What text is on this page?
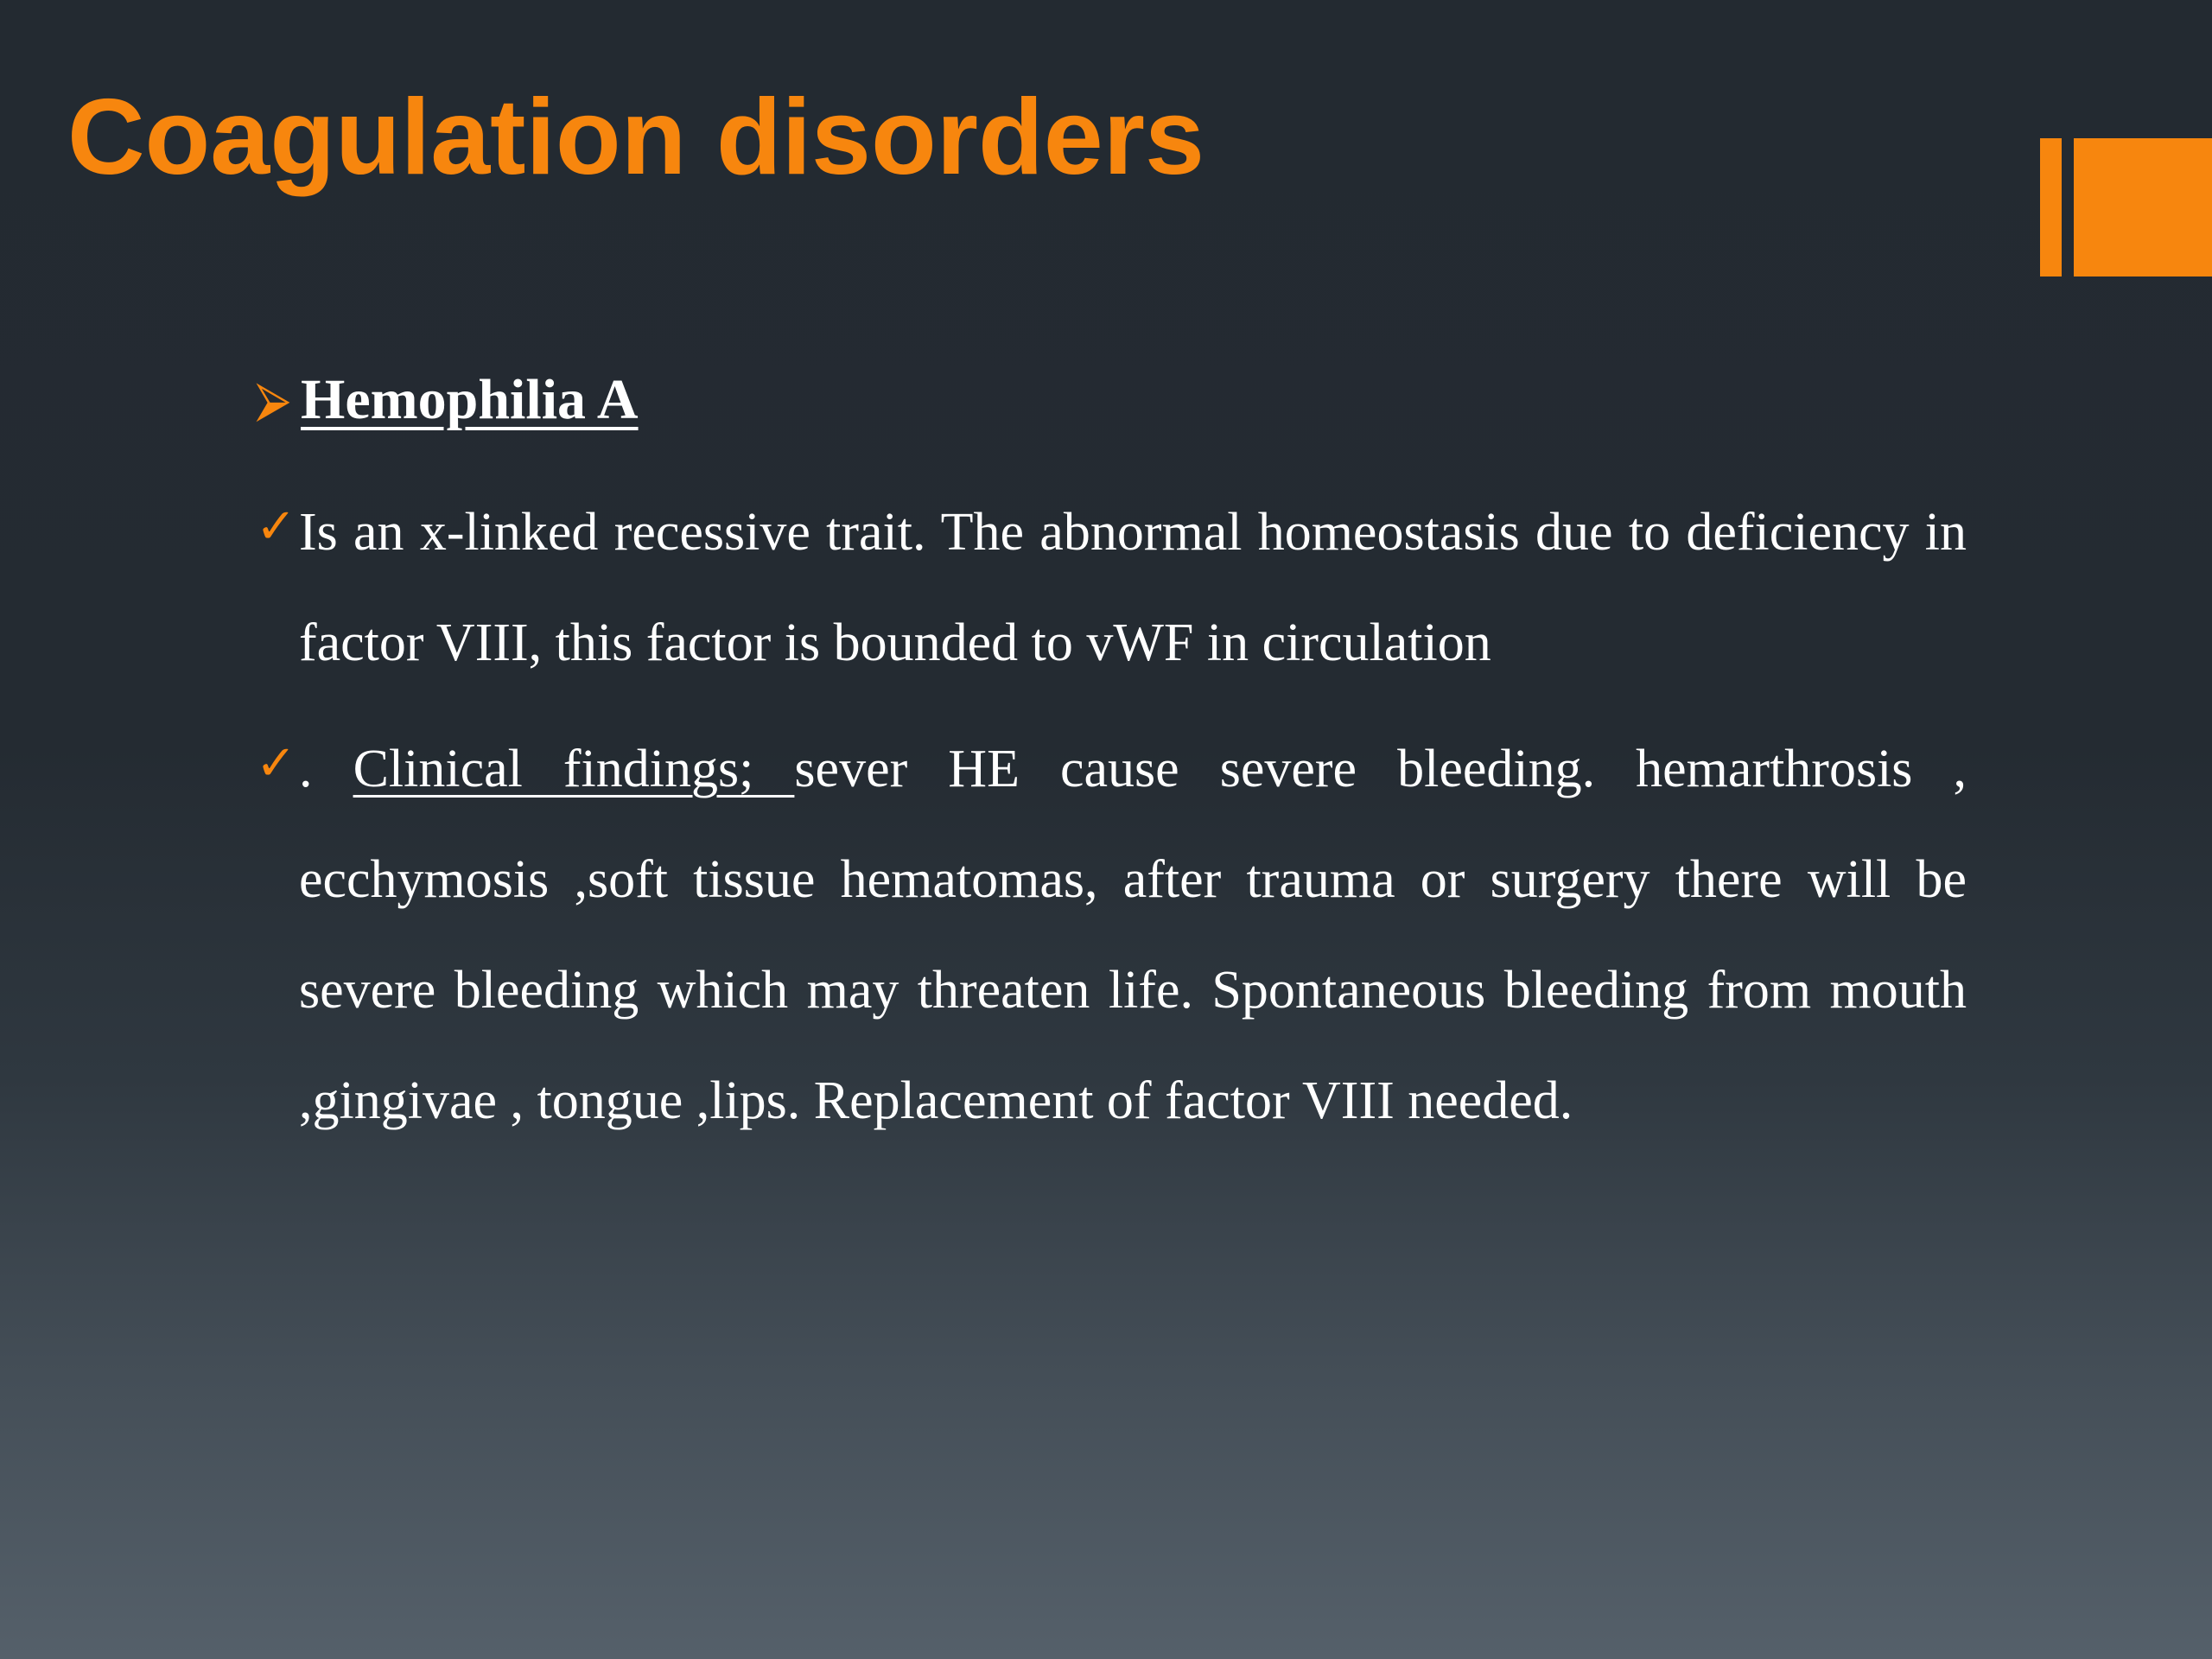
Coagulation disorders
⮚ Hemophilia A
✓ Is an x-linked recessive trait. The abnormal homeostasis due to deficiency in factor VIII, this factor is bounded to vWF in circulation
✓ . Clinical findings; sever HE cause severe bleeding. hemarthrosis , ecchymosis ,soft tissue hematomas, after trauma or surgery there will be severe bleeding which may threaten life. Spontaneous bleeding from mouth ,gingivae , tongue ,lips. Replacement of factor VIII needed.
